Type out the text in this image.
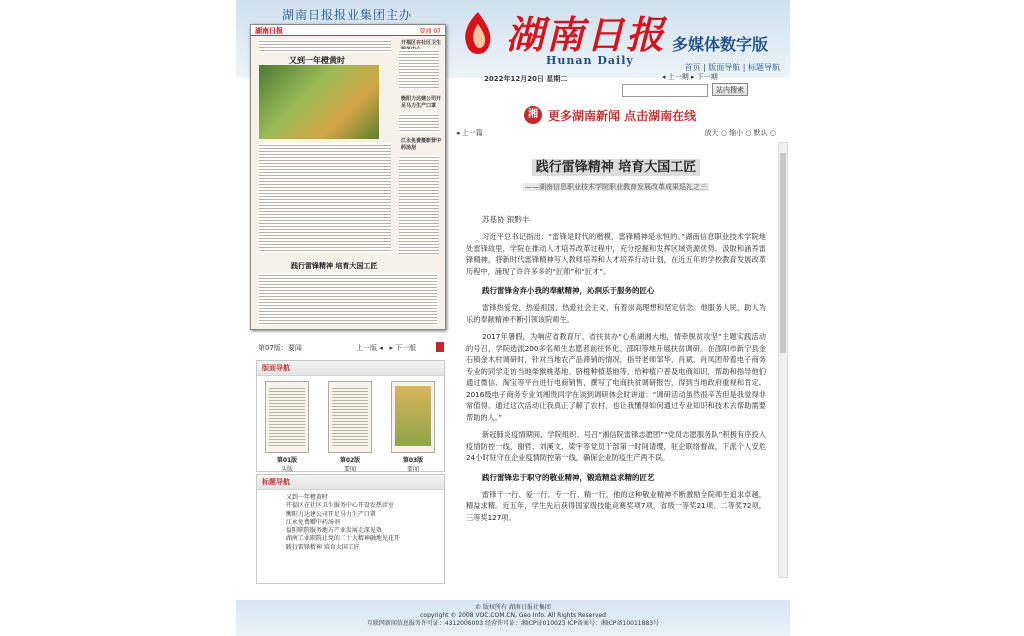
湖南日报报业集团主办 湖南日报
Hunan Daily
多媒体数字版
首页 | 版面导航 | 标题导航
湖南日报	要闻 07
又到一年橙黄时
开福区在社区卫生
衡阳力达建公司开足马力生产口罩
江永免费摄影营中药汤剂
践行雷锋精神 培育大国工匠
第07版：要闻	上一版 ◂ ▸ 下一版
版面导航
第01版
头版
第02版
要闻
第03版
要闻
标题导航
· 又到一年橙黄时
· 开福区在社区卫生服务中心开设发热诊室
· 衡阳力达建公司开足马力生产口罩
· 江永免费赠中药汤剂
· 益阳职院服务地方产业发展走深见效
· 湖南工业职院让党的二十大精神融地见花开
· 践行雷锋精神 培育大国工匠
2022年12月20日 星期二	◂ 上一期 ▸ 下一期
站内搜索
湘 更多湖南新闻 点击湖南在线
◂ 上一篇	放大 ○ 缩小 ○ 默认 ○
践行雷锋精神 培育大国工匠
——湖南信息职业技术学院职业教育发展改革成果巡礼之三
苏基协 银黔丰
习近平总书记指出：“雷锋是时代的楷模，雷锋精神是永恒的。”湖南信息职业技术学院地处雷锋故里，学院在推动人才培养改革过程中，充分挖掘和发挥区域资源优势，汲取和涵养雷锋精神，将新时代雷锋精神写入教师培养和人才培养行动计划，在近五年的学校教育发展改革历程中，涌现了许许多多的“匠师”和“匠才”。
践行雷锋舍弃小我的奉献精神，沁润乐于服务的匠心
雷锋热爱党、热爱祖国、热爱社会主义，有着崇高理想和坚定信念。他服务人民，助人为乐的奉献精神不断引领该院师生。
2017年暑假，为响应省教育厅、省扶贫办“心系湖湘大地，情牵脱贫攻坚”主题实践活动的号召，学院选派200多名师生志愿者前往怀化、邵阳等地开展扶贫调研。在邵阳市新宁县金石镇金木村调研时，针对当地农产品滞销的情况，指导老师邹华、肖斌、肖凤团带着电子商务专业的同学走访当地柴猴桃基地、脐橙种植基地等，给种植户普及电商知识，帮助和指导他们通过微信、淘宝等平台进行电商销售，撰写了电商扶贫调研报告，得到当地政府重视和肯定。2016级电子商务专业刘湘贵同学在谈到调研体会时讲道：“调研活动虽然很辛苦但是我觉得非常值得。通过这次活动让我真正了解了农村，也让我懂得如何通过专业知识和技术去帮助需要帮助的人。”
新冠肺炎疫情期间，学院组织、号召“湘信院雷锋志愿团”“党员志愿服务队”积极有序投入疫情防控一线，谢哲、刘溪文、梁宇等党员干部第一时间请缨，驻企联络督战，下派个人安危24小时驻守在企业疫情防控第一线，确保企业防疫生产两不误。
践行雷锋忠于职守的敬业精神，锻造精益求精的匠艺
雷锋干一行、爱一行、专一行、精一行，他的这种敬业精神不断激励全院师生追求卓越，精益求精。近五年，学生先后获得国家级技能竞赛奖项7项，省级一等奖21项、二等奖72项，三等奖127项。
© 版权所有 湖南日报社集团
copyright © 2008 VOC.COM.CN, Geo Info. All Rights Reserved
互联网新闻信息服务许可证：4312006003 经营许可证：湘ICP证010023 ICP备案号：湘ICP备10011883号
